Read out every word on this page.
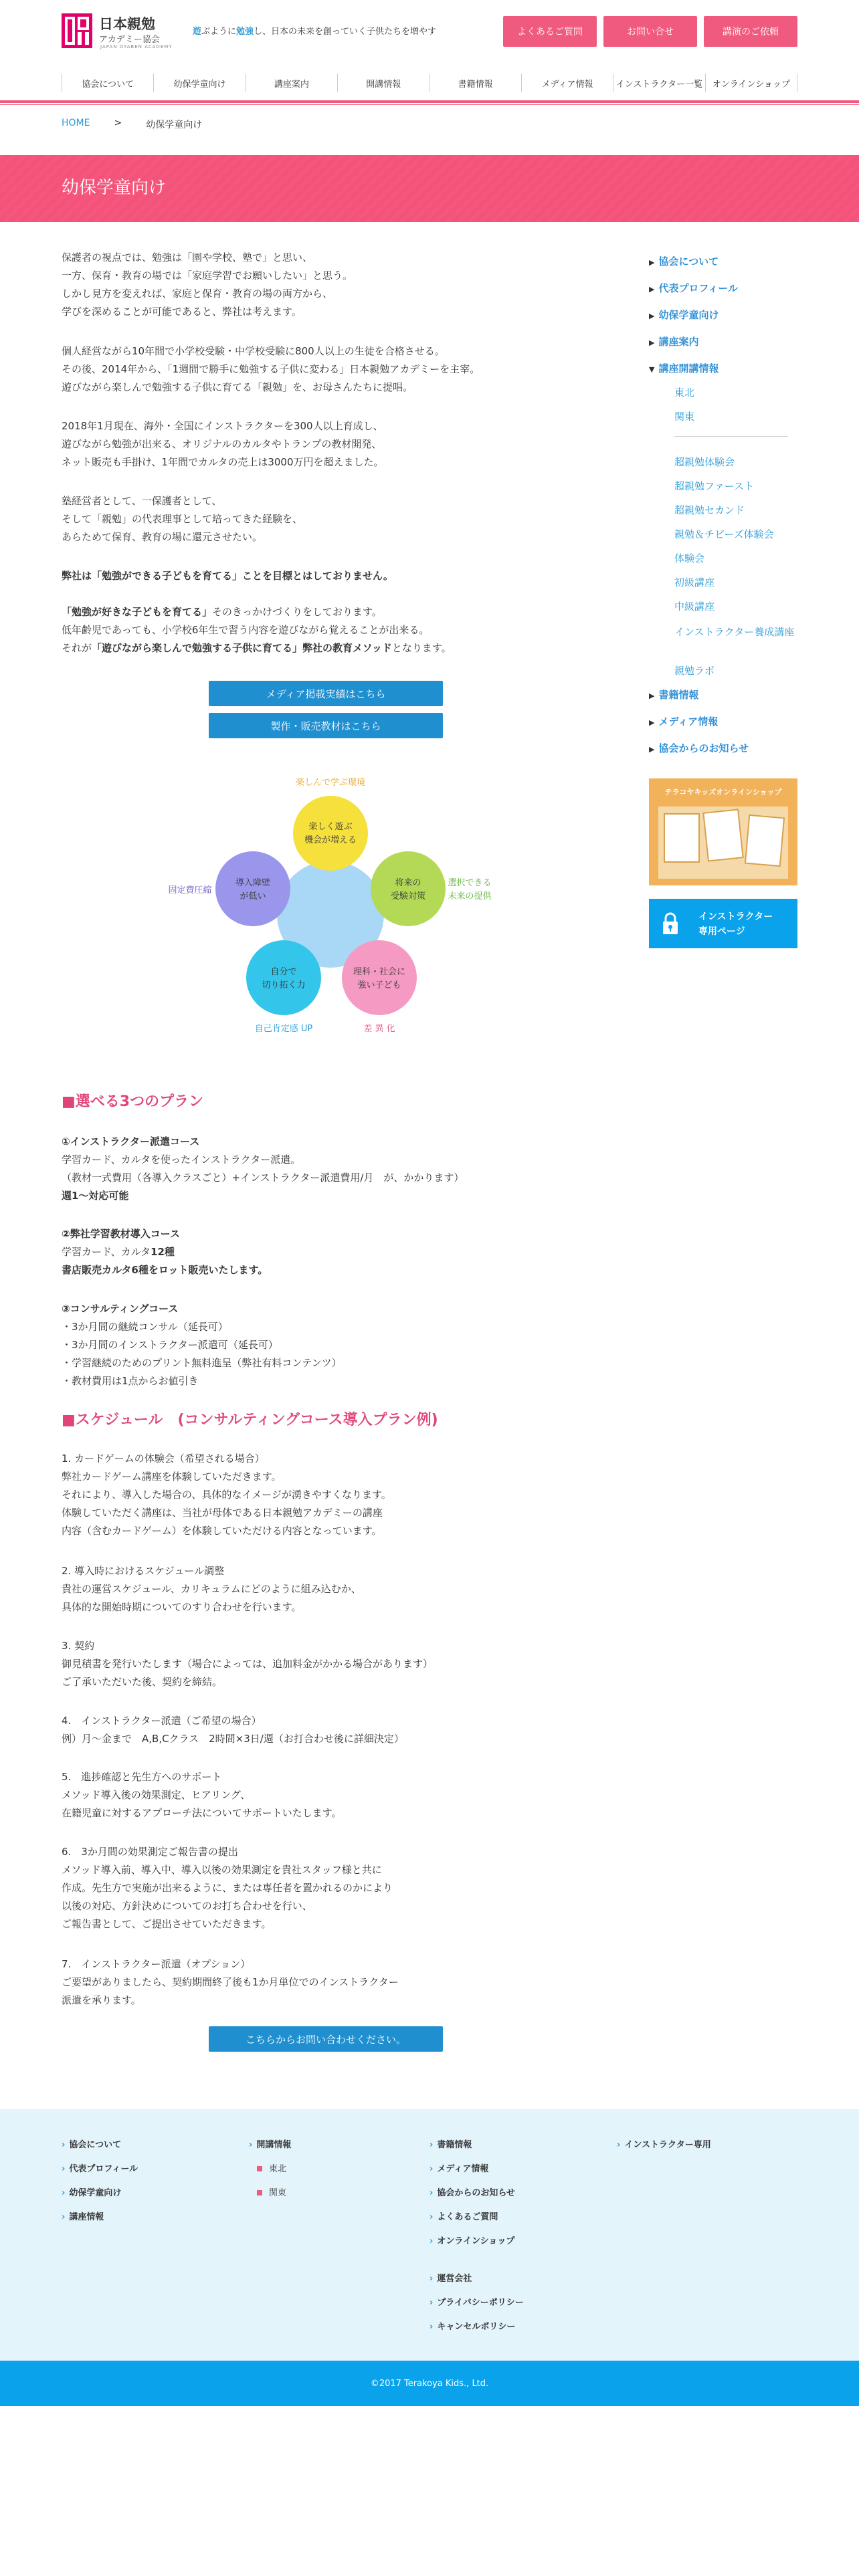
日本親勉
アカデミー協会
JAPAN OYABEN ACADEMY
遊ぶように勉強し、日本の未来を創っていく子供たちを増やす	よくあるご質問	お問い合せ	講演のご依頼
協会について	幼保学童向け	講座案内	開講情報	書籍情報	メディア情報	インストラクター一覧	オンラインショップ
HOME	>	幼保学童向け
幼保学童向け

保護者の視点では、勉強は「園や学校、塾で」と思い、

一方、保育・教育の場では「家庭学習でお願いしたい」と思う。

しかし見方を変えれば、家庭と保育・教育の場の両方から、

学びを深めることが可能であると、弊社は考えます。

個人経営ながら10年間で小学校受験・中学校受験に800人以上の生徒を合格させる。

その後、2014年から、「1週間で勝手に勉強する子供に変わる」日本親勉アカデミーを主宰。

遊びながら楽しんで勉強する子供に育てる「親勉」を、お母さんたちに提唱。

2018年1月現在、海外・全国にインストラクターを300人以上育成し、

遊びながら勉強が出来る、オリジナルのカルタやトランプの教材開発、

ネット販売も手掛け、1年間でカルタの売上は3000万円を超えました。

塾経営者として、一保護者として、

そして「親勉」の代表理事として培ってきた経験を、

あらためて保育、教育の場に還元させたい。

弊社は「勉強ができる子どもを育てる」ことを目標とはしておりません。

「勉強が好きな子どもを育てる」そのきっかけづくりをしております。

低年齢児であっても、小学校6年生で習う内容を遊びながら覚えることが出来る。

それが「遊びながら楽しんで勉強する子供に育てる」弊社の教育メソッドとなります。

メディア掲載実績はこちら
製作・販売教材はこちら
楽しく遊ぶ
機会が増える
将来の
受験対策
理科・社会に
強い子ども
自分で
切り拓く力
導入障壁
が低い
楽しんで学ぶ環境
選択できる
未来の提供
差 異 化
自己肯定感 UP
固定費圧縮
■選べる3つのプラン

①インストラクター派遣コース

学習カード、カルタを使ったインストラクター派遣。

（教材一式費用（各導入クラスごと）+インストラクター派遣費用/月　が、かかります）

週1〜対応可能

②弊社学習教材導入コース

学習カード、カルタ12種

書店販売カルタ6種をロット販売いたします。

③コンサルティングコース

・3か月間の継続コンサル（延長可）

・3か月間のインストラクター派遣可（延長可）

・学習継続のためのプリント無料進呈（弊社有料コンテンツ）

・教材費用は1点からお値引き

■スケジュール　(コンサルティングコース導入プラン例)

1. カードゲームの体験会（希望される場合）

弊社カードゲーム講座を体験していただきます。

それにより、導入した場合の、具体的なイメージが湧きやすくなります。

体験していただく講座は、当社が母体である日本親勉アカデミーの講座

内容（含むカードゲーム）を体験していただける内容となっています。

2. 導入時におけるスケジュール調整

貴社の運営スケジュール、カリキュラムにどのように組み込むか、

具体的な開始時期についてのすり合わせを行います。

3. 契約

御見積書を発行いたします（場合によっては、追加料金がかかる場合があります）

ご了承いただいた後、契約を締結。

4.　インストラクター派遣（ご希望の場合）

例）月〜金まで　A,B,Cクラス　2時間×3日/週（お打合わせ後に詳細決定）

5.　進捗確認と先生方へのサポート

メソッド導入後の効果測定、ヒアリング、

在籍児童に対するアプローチ法についてサポートいたします。

6.　3か月間の効果測定ご報告書の提出

メソッド導入前、導入中、導入以後の効果測定を貴社スタッフ様と共に

作成。先生方で実施が出来るように、または専任者を置かれるのかにより

以後の対応、方針決めについてのお打ち合わせを行い、

ご報告書として、ご提出させていただきます。

7.　インストラクター派遣（オプション）

ご要望がありましたら、契約期間終了後も1か月単位でのインストラクター

派遣を承ります。

こちらからお問い合わせください。
▶ 協会について
▶ 代表プロフィール
▶ 幼保学童向け
▶ 講座案内
▼ 講座開講情報
東北
関東
超親勉体験会
超親勉ファースト
超親勉セカンド
親勉＆チビーズ体験会
体験会
初級講座
中級講座
インストラクター養成講座
親勉ラボ
▶ 書籍情報
▶ メディア情報
▶ 協会からのお知らせ
テラコヤキッズオンラインショップ
インストラクター
専用ページ
› 協会について
› 代表プロフィール
› 幼保学童向け
› 講座情報
› 開講情報
東北
関東
› 書籍情報
› メディア情報
› 協会からのお知らせ
› よくあるご質問
› オンラインショップ
› 運営会社
› プライバシーポリシー
› キャンセルポリシー
› インストラクター専用
©2017 Terakoya Kids., Ltd.
